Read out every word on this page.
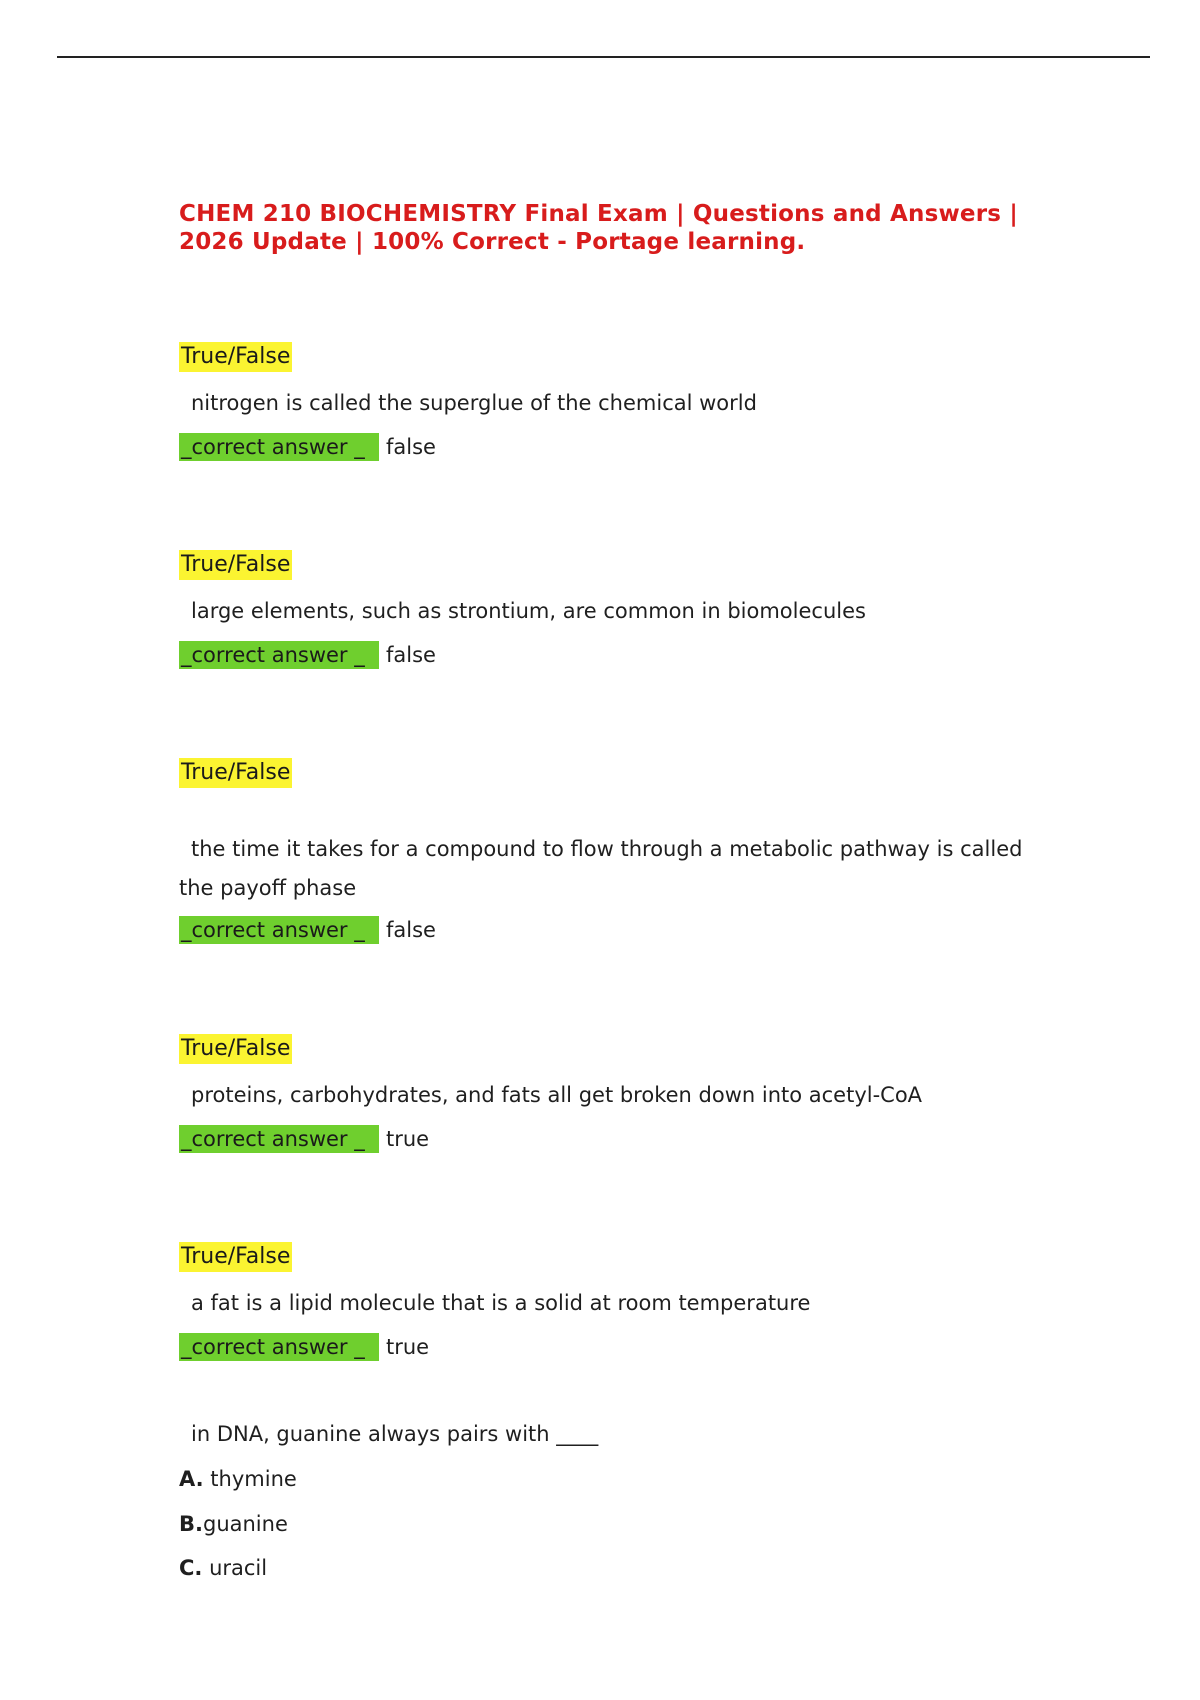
CHEM 210 BIOCHEMISTRY Final Exam | Questions and Answers | 2026 Update | 100% Correct - Portage learning.
True/False
nitrogen is called the superglue of the chemical world
_correct answer _	false
True/False
large elements, such as strontium, are common in biomolecules
_correct answer _	false
True/False
the time it takes for a compound to flow through a metabolic pathway is called the payoff phase
_correct answer _	false
True/False
proteins, carbohydrates, and fats all get broken down into acetyl-CoA
_correct answer _	true
True/False
a fat is a lipid molecule that is a solid at room temperature
_correct answer _	true
in DNA, guanine always pairs with ____
A. thymine
B.guanine
C. uracil
